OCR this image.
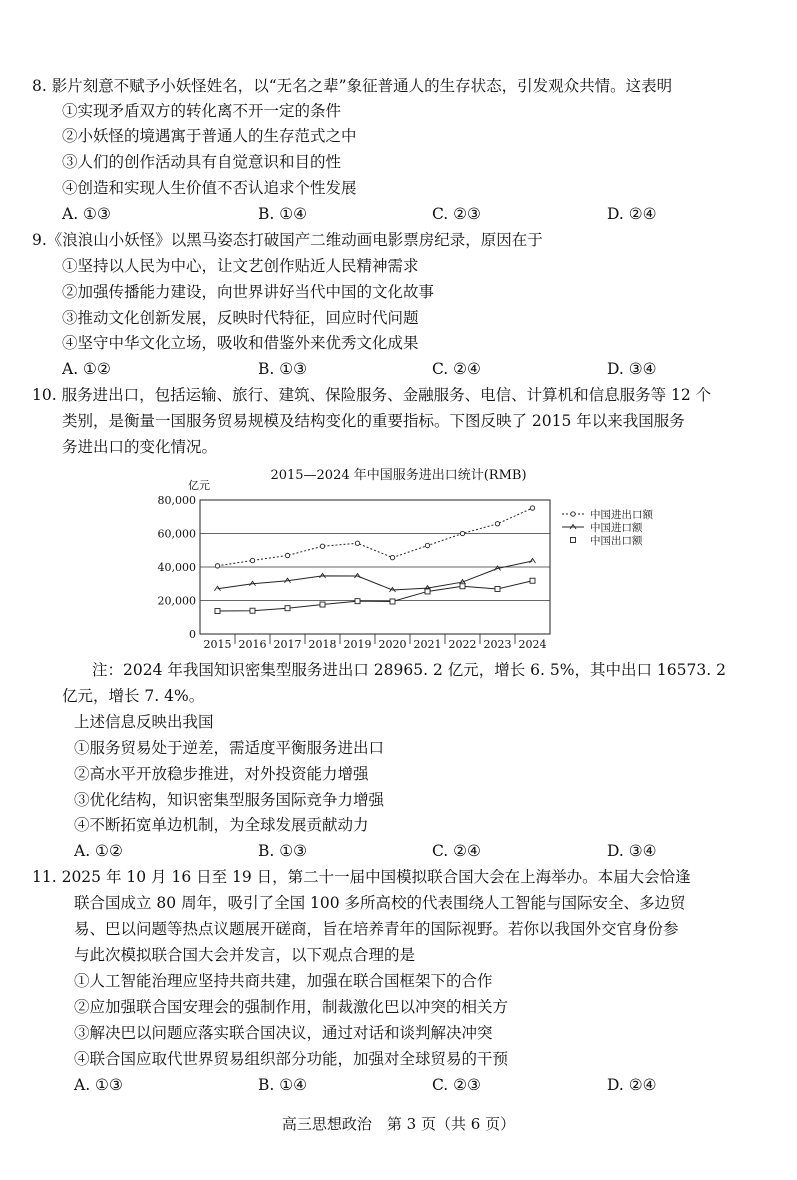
8. 影片刻意不赋予小妖怪姓名，以“无名之辈”象征普通人的生存状态，引发观众共情。这表明
①实现矛盾双方的转化离不开一定的条件
②小妖怪的境遇寓于普通人的生存范式之中
③人们的创作活动具有自觉意识和目的性
④创造和实现人生价值不否认追求个性发展
A. ①③	B. ①④	C. ②③	D. ②④
9.《浪浪山小妖怪》以黑马姿态打破国产二维动画电影票房纪录，原因在于
①坚持以人民为中心，让文艺创作贴近人民精神需求
②加强传播能力建设，向世界讲好当代中国的文化故事
③推动文化创新发展，反映时代特征，回应时代问题
④坚守中华文化立场，吸收和借鉴外来优秀文化成果
A. ①②	B. ①③	C. ②④	D. ③④
10. 服务进出口，包括运输、旅行、建筑、保险服务、金融服务、电信、计算机和信息服务等 12 个
类别，是衡量一国服务贸易规模及结构变化的重要指标。下图反映了 2015 年以来我国服务
务进出口的变化情况。
2015—2024 年中国服务进出口统计(RMB)
0
20,000
40,000
60,000
80,000
亿元
2015 2016 2017 2018 2019 2020 2021 2022 2023 2024
中国进出口额
中国进口额
中国出口额
注：2024 年我国知识密集型服务进出口 28965. 2 亿元，增长 6. 5%，其中出口 16573. 2
亿元，增长 7. 4%。
上述信息反映出我国
①服务贸易处于逆差，需适度平衡服务进出口
②高水平开放稳步推进，对外投资能力增强
③优化结构，知识密集型服务国际竞争力增强
④不断拓宽单边机制，为全球发展贡献动力
A. ①②	B. ①③	C. ②④	D. ③④
11. 2025 年 10 月 16 日至 19 日，第二十一届中国模拟联合国大会在上海举办。本届大会恰逢
联合国成立 80 周年，吸引了全国 100 多所高校的代表围绕人工智能与国际安全、多边贸
易、巴以问题等热点议题展开磋商，旨在培养青年的国际视野。若你以我国外交官身份参
与此次模拟联合国大会并发言，以下观点合理的是
①人工智能治理应坚持共商共建，加强在联合国框架下的合作
②应加强联合国安理会的强制作用，制裁激化巴以冲突的相关方
③解决巴以问题应落实联合国决议，通过对话和谈判解决冲突
④联合国应取代世界贸易组织部分功能，加强对全球贸易的干预
A. ①③	B. ①④	C. ②③	D. ②④
高三思想政治　第 3 页（共 6 页）
